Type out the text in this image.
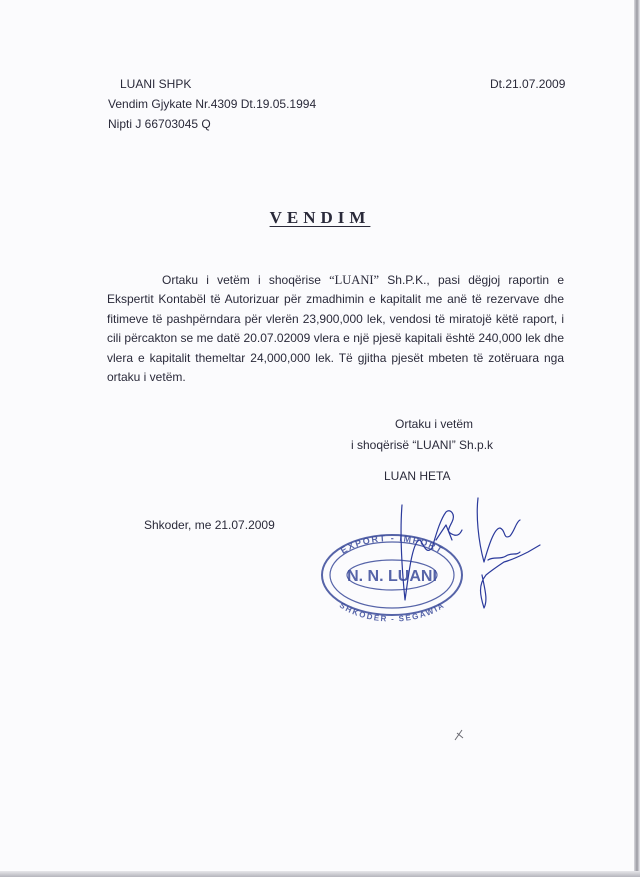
LUANI SHPK
Vendim Gjykate Nr.4309 Dt.19.05.1994
Nipti J 66703045 Q
Dt.21.07.2009
VENDIM

Ortaku i vetëm i shoqërise “LUANI” Sh.P.K., pasi dëgjoj raportin e Ekspertit Kontabël të Autorizuar për zmadhimin e kapitalit me anë të rezervave dhe fitimeve të pashpërndara për vlerën 23,900,000 lek, vendosi të miratojë këtë raport, i cili përcakton se me datë 20.07.02009 vlera e një pjesë kapitali është 240,000 lek dhe vlera e kapitalit themeltar 24,000,000 lek. Të gjitha pjesët mbeten të zotëruara nga ortaku i vetëm.

Ortaku i vetëm
i shoqërisë “LUANI” Sh.p.k
LUAN HETA
Shkoder, me 21.07.2009
EXPORT - IMPORT
N. N. LUANI
SHKODËR - SEGAWIA
